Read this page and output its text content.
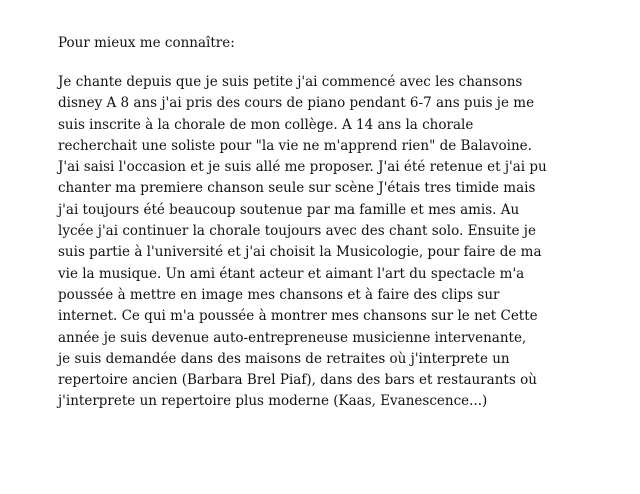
Pour mieux me connaître:

Je chante depuis que je suis petite j'ai commencé avec les chansons
disney A 8 ans j'ai pris des cours de piano pendant 6-7 ans puis je me
suis inscrite à la chorale de mon collège. A 14 ans la chorale
recherchait une soliste pour "la vie ne m'apprend rien" de Balavoine.
J'ai saisi l'occasion et je suis allé me proposer. J'ai été retenue et j'ai pu
chanter ma premiere chanson seule sur scène J'étais tres timide mais
j'ai toujours été beaucoup soutenue par ma famille et mes amis. Au
lycée j'ai continuer la chorale toujours avec des chant solo. Ensuite je
suis partie à l'université et j'ai choisit la Musicologie, pour faire de ma
vie la musique. Un ami étant acteur et aimant l'art du spectacle m'a
poussée à mettre en image mes chansons et à faire des clips sur
internet. Ce qui m'a poussée à montrer mes chansons sur le net Cette
année je suis devenue auto-entrepreneuse musicienne intervenante,
je suis demandée dans des maisons de retraites où j'interprete un
repertoire ancien (Barbara Brel Piaf), dans des bars et restaurants où
j'interprete un repertoire plus moderne (Kaas, Evanescence...)
